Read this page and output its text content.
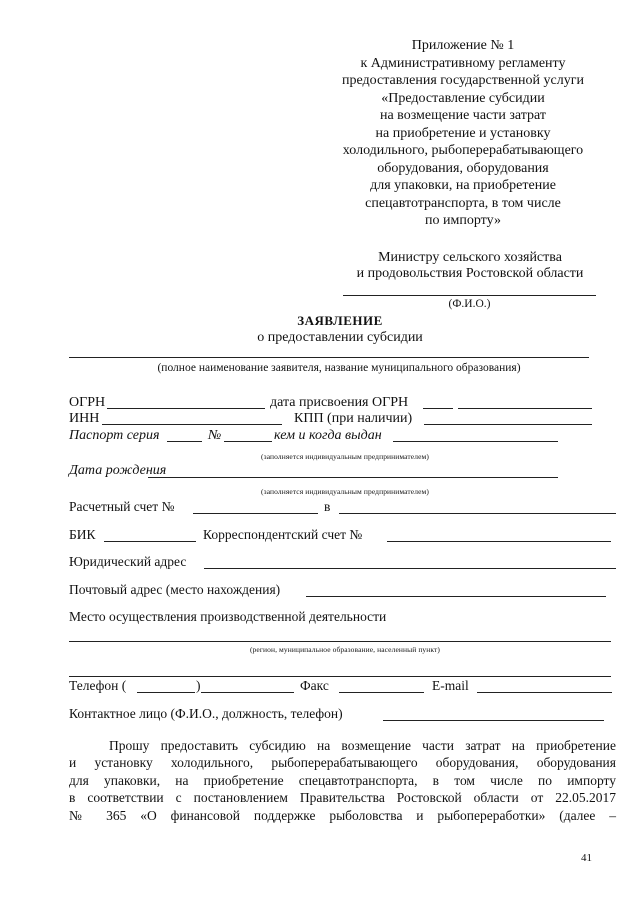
Приложение № 1
к Административному регламенту
предоставления государственной услуги
«Предоставление субсидии
на возмещение части затрат
на приобретение и установку
холодильного, рыбоперерабатывающего
оборудования, оборудования
для упаковки, на приобретение
спецавтотранспорта, в том числе
по импорту»
Министру сельского хозяйства
и продовольствия Ростовской области
(Ф.И.О.)
ЗАЯВЛЕНИЕ
о предоставлении субсидии
(полное наименование заявителя, название муниципального образования)
ОГРН	дата присвоения ОГРН
ИНН	КПП (при наличии)
Паспорт серия	№	кем и когда выдан
(заполняется индивидуальным предпринимателем)
Дата рождения
(заполняется индивидуальным предпринимателем)
Расчетный счет №	в
БИК	Корреспондентский счет №
Юридический адрес
Почтовый адрес (место нахождения)
Место осуществления производственной деятельности
(регион, муниципальное образование, населенный пункт)
Телефон (	)	Факс	E-mail
Контактное лицо (Ф.И.О., должность, телефон)
Прошу предоставить субсидию на возмещение части затрат на приобретение
и установку холодильного, рыбоперерабатывающего оборудования, оборудования
для упаковки, на приобретение спецавтотранспорта, в том числе по импорту
в соответствии с постановлением Правительства Ростовской области от 22.05.2017
№ 365 «О финансовой поддержке рыболовства и рыбопереработки» (далее –
41
